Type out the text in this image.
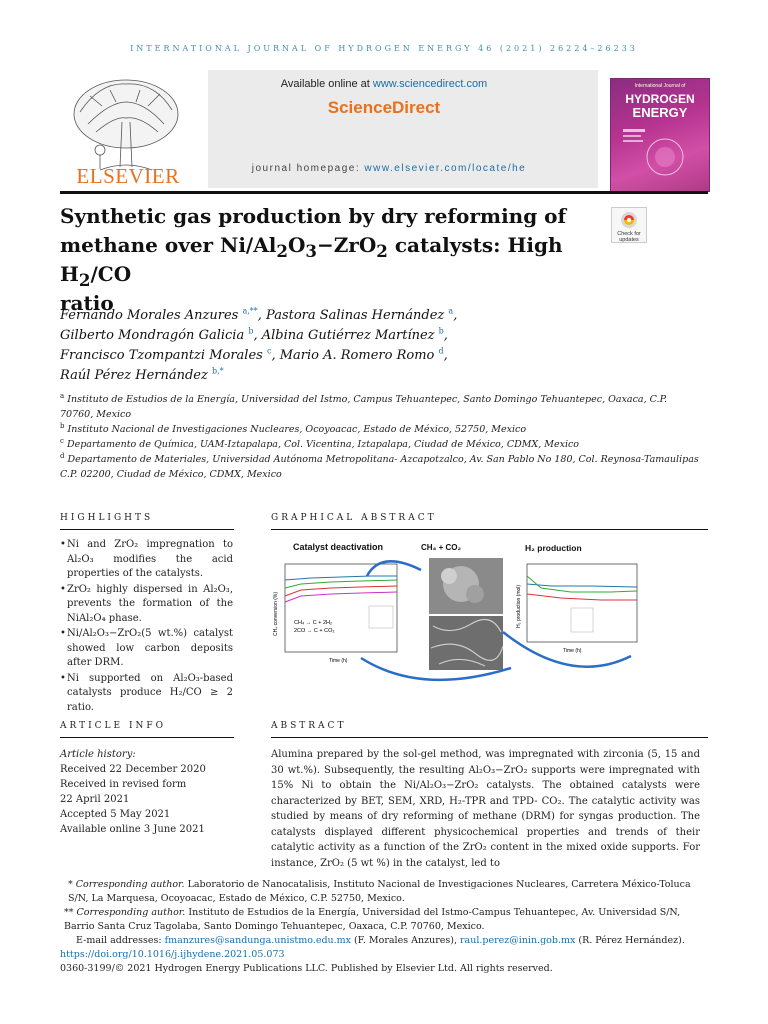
INTERNATIONAL JOURNAL OF HYDROGEN ENERGY 46 (2021) 26224–26233
ELSEVIER
Available online at www.sciencedirect.com
ScienceDirect
journal homepage: www.elsevier.com/locate/he
International Journal of
HYDROGEN
ENERGY
Synthetic gas production by dry reforming of
methane over $Ni/Al_2O_3-ZrO_2$ catalysts: High $H_2/CO$
ratio
Check for updates
Fernando Morales Anzures $^{a,**}$, Pastora Salinas Hernández $^a$,
Gilberto Mondragón Galicia $^b$, Albina Gutiérrez Martínez $^b$,
Francisco Tzompantzi Morales $^c$, Mario A. Romero Romo $^d$,
Raúl Pérez Hernández $^{b,*}$
$^a$ Instituto de Estudios de la Energía, Universidad del Istmo, Campus Tehuantepec, Santo Domingo Tehuantepec, Oaxaca, C.P. 70760, Mexico
$^b$ Instituto Nacional de Investigaciones Nucleares, Ocoyoacac, Estado de México, 52750, Mexico
$^c$ Departamento de Química, UAM-Iztapalapa, Col. Vicentina, Iztapalapa, Ciudad de México, CDMX, Mexico
$^d$ Departamento de Materiales, Universidad Autónoma Metropolitana- Azcapotzalco, Av. San Pablo No 180, Col. Reynosa-Tamaulipas C.P. 02200, Ciudad de México, CDMX, Mexico
HIGHLIGHTS
• Ni and ZrO₂ impregnation to Al₂O₃ modifies the acid properties of the catalysts.
• ZrO₂ highly dispersed in Al₂O₃, prevents the formation of the NiAl₂O₄ phase.
• Ni/Al₂O₃−ZrO₂(5 wt.%) catalyst showed low carbon deposits after DRM.
• Ni supported on Al₂O₃-based catalysts produce H₂/CO ≥ 2 ratio.
GRAPHICAL ABSTRACT
CH₄ → C + 2H₂
2CO → C + CO₂
Time (h)
CH₄ conversion (%)
Catalyst deactivation	CH₄ + CO₂
Time (h)
H₂ production (mol)
H₂ production
ARTICLE INFO
Article history:
Received 22 December 2020
Received in revised form
22 April 2021
Accepted 5 May 2021
Available online 3 June 2021
ABSTRACT
Alumina prepared by the sol-gel method, was impregnated with zirconia (5, 15 and 30 wt.%). Subsequently, the resulting Al₂O₃−ZrO₂ supports were impregnated with 15% Ni to obtain the Ni/Al₂O₃−ZrO₂ catalysts. The obtained catalysts were characterized by BET, SEM, XRD, H₂-TPR and TPD- CO₂. The catalytic activity was studied by means of dry reforming of methane (DRM) for syngas production. The catalysts displayed different physicochemical properties and trends of their catalytic activity as a function of the ZrO₂ content in the mixed oxide supports. For instance, ZrO₂ (5 wt %) in the catalyst, led to
* Corresponding author. Laboratorio de Nanocatalisis, Instituto Nacional de Investigaciones Nucleares, Carretera México-Toluca S/N, La Marquesa, Ocoyoacac, Estado de México, C.P. 52750, Mexico.
** Corresponding author. Instituto de Estudios de la Energía, Universidad del Istmo-Campus Tehuantepec, Av. Universidad S/N, Barrio Santa Cruz Tagolaba, Santo Domingo Tehuantepec, Oaxaca, C.P. 70760, Mexico.
E-mail addresses: fmanzures@sandunga.unistmo.edu.mx (F. Morales Anzures), raul.perez@inin.gob.mx (R. Pérez Hernández).
https://doi.org/10.1016/j.ijhydene.2021.05.073
0360-3199/© 2021 Hydrogen Energy Publications LLC. Published by Elsevier Ltd. All rights reserved.
